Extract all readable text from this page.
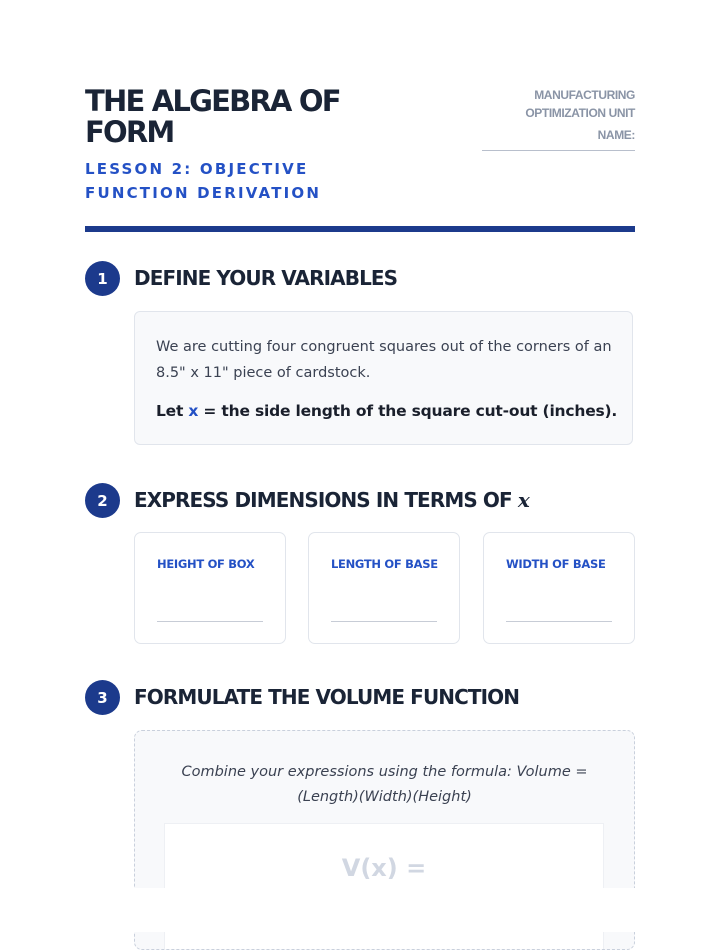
THE ALGEBRA OF FORM
LESSON 2: OBJECTIVE FUNCTION DERIVATION
MANUFACTURING
OPTIMIZATION UNIT
NAME:
1	DEFINE YOUR VARIABLES
We are cutting four congruent squares out of the corners of an 8.5" x 11" piece of cardstock.
Let x = the side length of the square cut-out (inches).
2	EXPRESS DIMENSIONS IN TERMS OF x
HEIGHT OF BOX	LENGTH OF BASE	WIDTH OF BASE
3	FORMULATE THE VOLUME FUNCTION
Combine your expressions using the formula: Volume = (Length)(Width)(Height)
V(x) =
